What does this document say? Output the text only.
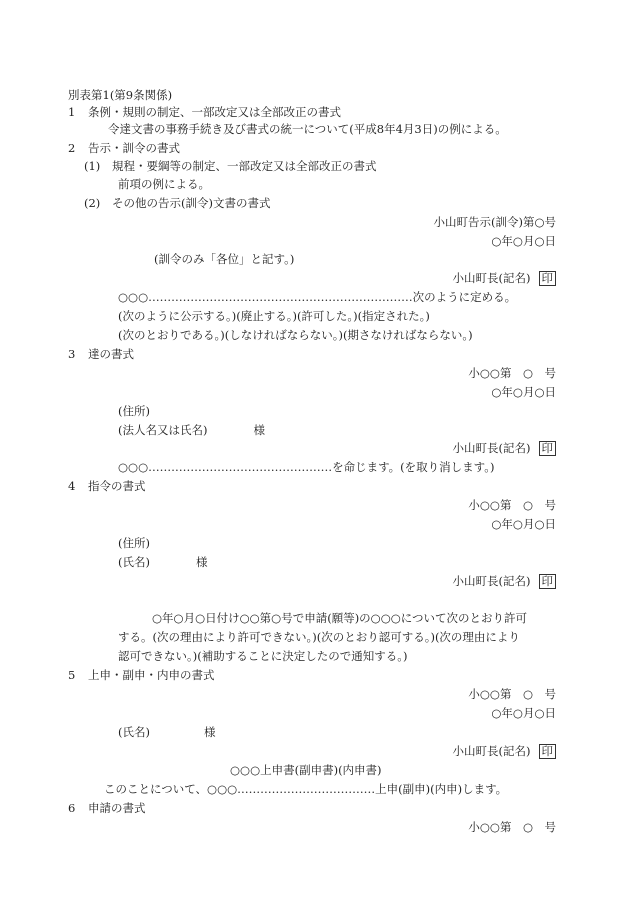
別表第1(第9条関係)
1 条例・規則の制定、一部改定又は全部改正の書式
令達文書の事務手続き及び書式の統一について(平成8年4月3日)の例による。
2 告示・訓令の書式
(1) 規程・要綱等の制定、一部改定又は全部改正の書式
前項の例による。
(2) その他の告示(訓令)文書の書式
小山町告示(訓令)第○号
○年○月○日
(訓令のみ「各位」と記す。)
小山町長(記名) 印
○○○……………………………………………………………次のように定める。
(次のように公示する。)(廃止する。)(許可した。)(指定された。)
(次のとおりである。)(しなければならない。)(期さなければならない。)
3 達の書式
小○○第　○　号
○年○月○日
(住所)
(法人名又は氏名)	様
小山町長(記名) 印
○○○…………………………………………を命じます。(を取り消します。)
4 指令の書式
小○○第　○　号
○年○月○日
(住所)
(氏名)	様
小山町長(記名) 印
○年○月○日付け○○第○号で申請(願等)の○○○について次のとおり許可
する。(次の理由により許可できない。)(次のとおり認可する。)(次の理由により
認可できない。)(補助することに決定したので通知する。)
5 上申・副申・内申の書式
小○○第　○　号
○年○月○日
(氏名)	様
小山町長(記名) 印
○○○上申書(副申書)(内申書)
このことについて、○○○………………………………上申(副申)(内申)します。
6 申請の書式
小○○第　○　号
